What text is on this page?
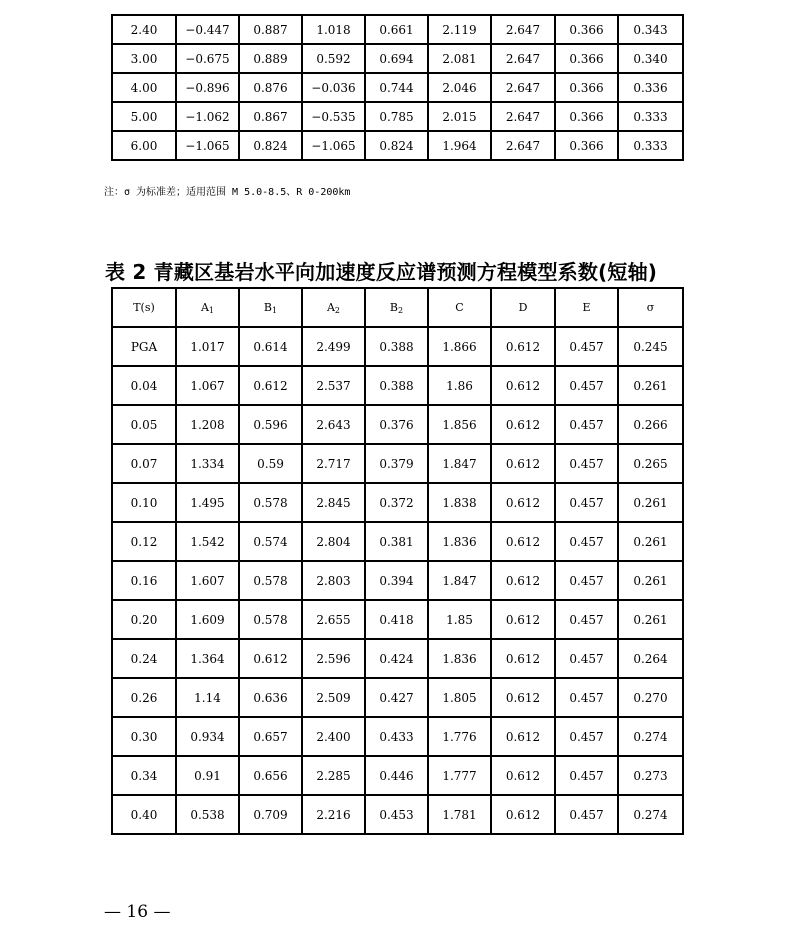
2.40	−0.447	0.887	1.018	0.661	2.119	2.647	0.366	0.343
3.00	−0.675	0.889	0.592	0.694	2.081	2.647	0.366	0.340
4.00	−0.896	0.876	−0.036	0.744	2.046	2.647	0.366	0.336
5.00	−1.062	0.867	−0.535	0.785	2.015	2.647	0.366	0.333
6.00	−1.065	0.824	−1.065	0.824	1.964	2.647	0.366	0.333
注：σ 为标准差；适用范围 M 5.0-8.5、R 0-200km
表 2 青藏区基岩水平向加速度反应谱预测方程模型系数(短轴)
T(s)	$A_1$	$B_1$	$A_2$	$B_2$	C	D	E	σ
PGA	1.017	0.614	2.499	0.388	1.866	0.612	0.457	0.245
0.04	1.067	0.612	2.537	0.388	1.86	0.612	0.457	0.261
0.05	1.208	0.596	2.643	0.376	1.856	0.612	0.457	0.266
0.07	1.334	0.59	2.717	0.379	1.847	0.612	0.457	0.265
0.10	1.495	0.578	2.845	0.372	1.838	0.612	0.457	0.261
0.12	1.542	0.574	2.804	0.381	1.836	0.612	0.457	0.261
0.16	1.607	0.578	2.803	0.394	1.847	0.612	0.457	0.261
0.20	1.609	0.578	2.655	0.418	1.85	0.612	0.457	0.261
0.24	1.364	0.612	2.596	0.424	1.836	0.612	0.457	0.264
0.26	1.14	0.636	2.509	0.427	1.805	0.612	0.457	0.270
0.30	0.934	0.657	2.400	0.433	1.776	0.612	0.457	0.274
0.34	0.91	0.656	2.285	0.446	1.777	0.612	0.457	0.273
0.40	0.538	0.709	2.216	0.453	1.781	0.612	0.457	0.274
— 16 —
